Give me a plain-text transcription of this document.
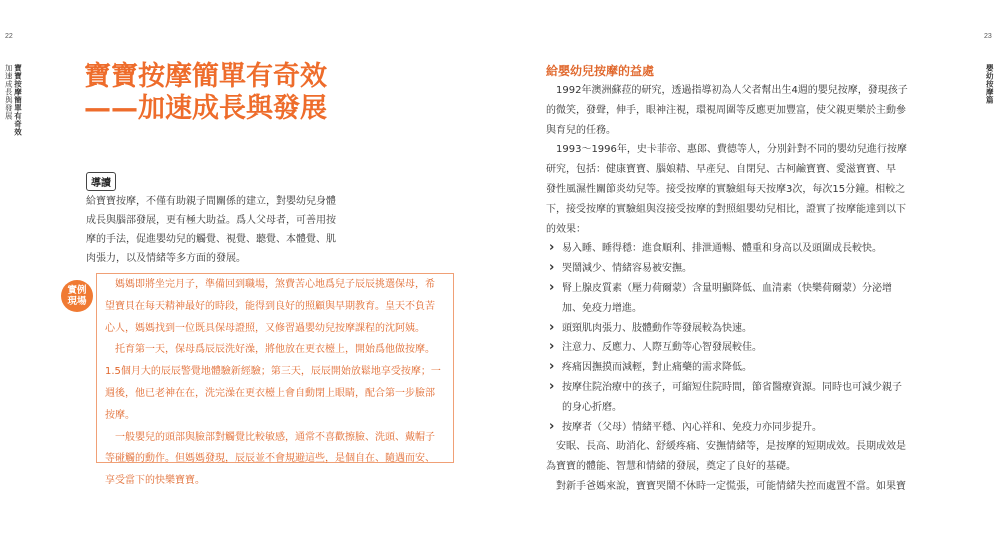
22
寶寶按摩簡單有奇效
加速成長與發展	寶寶按摩簡單有奇效
——加速成長與發展
導讀

給寶寶按摩，不僅有助親子間關係的建立，對嬰幼兒身體

成長與腦部發展，更有極大助益。爲人父母者，可善用按

摩的手法，促進嬰幼兒的觸覺、視覺、聽覺、本體覺、肌

肉張力，以及情緒等多方面的發展。

實例
現場

　媽媽即將坐完月子，準備回到職場，煞費苦心地爲兒子辰辰挑選保母，希

望寶貝在每天精神最好的時段，能得到良好的照顧與早期教育。皇天不負苦

心人，媽媽找到一位既具保母證照，又修習過嬰幼兒按摩課程的沈阿姨。

　托育第一天，保母爲辰辰洗好澡，將他放在更衣檯上，開始爲他做按摩。

1.5個月大的辰辰警覺地體驗新經驗；第三天，辰辰開始放鬆地享受按摩；一

週後，他已老神在在，洗完澡在更衣檯上會自動閉上眼睛，配合第一步臉部

按摩。

　一般嬰兒的頭部與臉部對觸覺比較敏感，通常不喜歡擦臉、洗頭、戴帽子

等碰觸的動作。但媽媽發現，辰辰並不會規避這些，是個自在、隨遇而安、

享受當下的快樂寶寶。

23
嬰幼按摩篇
給嬰幼兒按摩的益處

　1992年澳洲蘇菈的研究，透過指導初為人父者幫出生4週的嬰兒按摩，發現孩子

的微笑，發聲，伸手，眼神注視，環視周圍等反應更加豐富，使父親更樂於主動參

與育兒的任務。

　1993～1996年，史卡菲帝、惠郎、費德等人，分別針對不同的嬰幼兒進行按摩

研究，包括：健康寶寶、腦娘精、早產兒、自閉兒、古柯鹼寶寶、愛滋寶寶、早

發性風濕性關節炎幼兒等。接受按摩的實驗組每天按摩3次，每次15分鐘。相較之

下，接受按摩的實驗組與沒接受按摩的對照組嬰幼兒相比，證實了按摩能達到以下

的效果：

› 易入睡、睡得穩：進食順利、排泄通暢、體重和身高以及頭圍成長較快。

› 哭鬧減少、情緒容易被安撫。

› 腎上腺皮質素（壓力荷爾蒙）含量明顯降低、血清素（快樂荷爾蒙）分泌增

加、免疫力增進。

› 頭頸肌肉張力、肢體動作等發展較為快速。

› 注意力、反應力、人際互動等心智發展較佳。

› 疼痛因撫摸而減輕，對止痛藥的需求降低。

› 按摩住院治療中的孩子，可縮短住院時間，節省醫療資源。同時也可減少親子

的身心折磨。

› 按摩者（父母）情緒平穩、內心祥和、免疫力亦同步提升。

　安眠、長高、助消化、舒緩疼痛、安撫情緒等，是按摩的短期成效。長期成效是

為寶寶的體能、智慧和情緒的發展，奠定了良好的基礎。

　對新手爸媽來說，寶寶哭鬧不休時一定慌張，可能情緒失控而處置不當。如果寶
